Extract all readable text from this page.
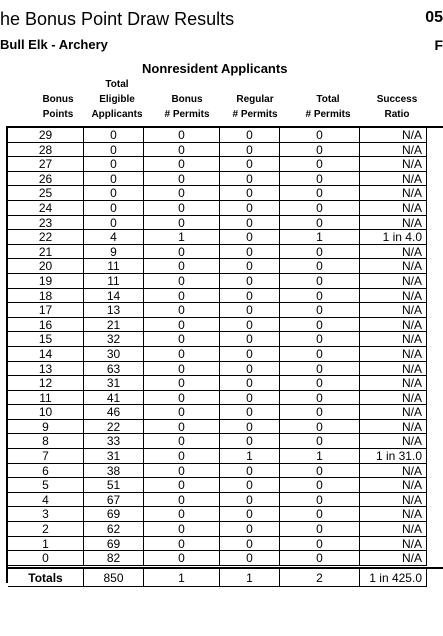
he Bonus Point Draw Results	05
Bull Elk - Archery	F
Nonresident Applicants

Bonus
Points
Total
Eligible
Applicants

Bonus
# Permits

Regular
# Permits

Total
# Permits

Success
Ratio
29	0	0	0	0	N/A
28	0	0	0	0	N/A
27	0	0	0	0	N/A
26	0	0	0	0	N/A
25	0	0	0	0	N/A
24	0	0	0	0	N/A
23	0	0	0	0	N/A
22	4	1	0	1	1 in 4.0
21	9	0	0	0	N/A
20	11	0	0	0	N/A
19	11	0	0	0	N/A
18	14	0	0	0	N/A
17	13	0	0	0	N/A
16	21	0	0	0	N/A
15	32	0	0	0	N/A
14	30	0	0	0	N/A
13	63	0	0	0	N/A
12	31	0	0	0	N/A
11	41	0	0	0	N/A
10	46	0	0	0	N/A
9	22	0	0	0	N/A
8	33	0	0	0	N/A
7	31	0	1	1	1 in 31.0
6	38	0	0	0	N/A
5	51	0	0	0	N/A
4	67	0	0	0	N/A
3	69	0	0	0	N/A
2	62	0	0	0	N/A
1	69	0	0	0	N/A
0	82	0	0	0	N/A
Totals	850	1	1	2	1 in 425.0
